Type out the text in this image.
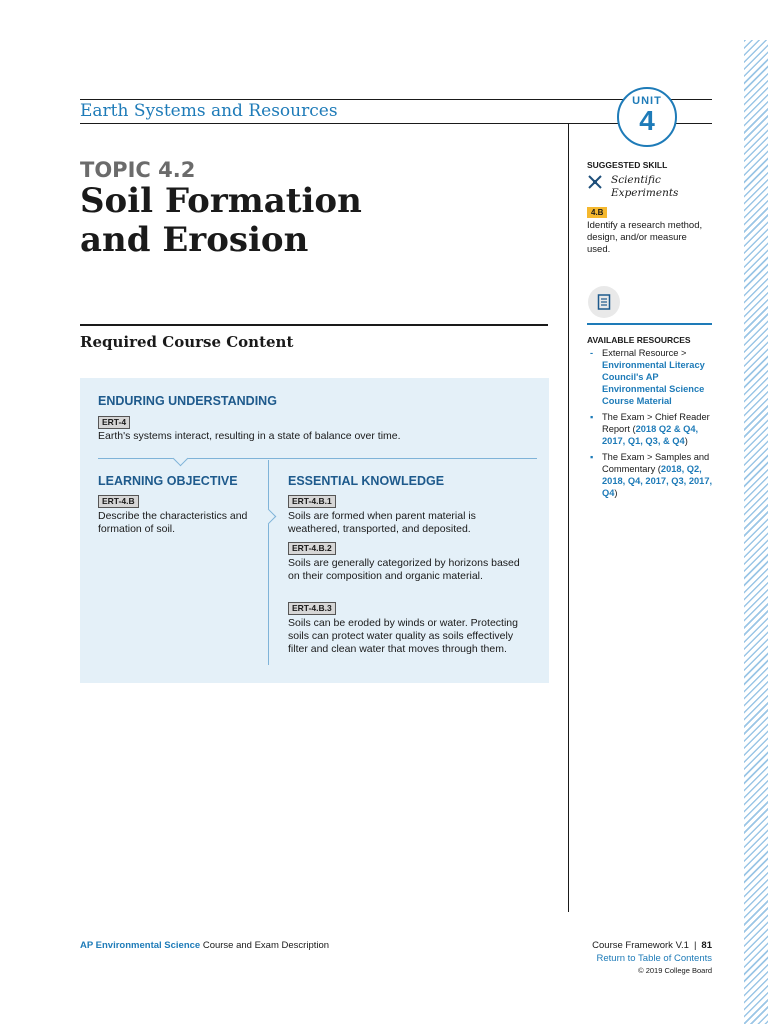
Earth Systems and Resources	UNIT
4
TOPIC 4.2
Soil Formation
and Erosion
Required Course Content
ENDURING UNDERSTANDING
ERT-4
Earth's systems interact, resulting in a state of balance over time.
LEARNING OBJECTIVE
ERT-4.B
Describe the characteristics and formation of soil.
ESSENTIAL KNOWLEDGE
ERT-4.B.1
Soils are formed when parent material is weathered, transported, and deposited.
ERT-4.B.2
Soils are generally categorized by horizons based on their composition and organic material.
ERT-4.B.3
Soils can be eroded by winds or water. Protecting soils can protect water quality as soils effectively filter and clean water that moves through them.
SUGGESTED SKILL
Scientific Experiments
4.B
Identify a research method, design, and/or measure used.
AVAILABLE RESOURCES
- External Resource > Environmental Literacy Council's AP Environmental Science Course Material
▪ The Exam > Chief Reader Report (2018 Q2 & Q4, 2017, Q1, Q3, & Q4)
▪ The Exam > Samples and Commentary (2018, Q2, 2018, Q4, 2017, Q3, 2017, Q4)
AP Environmental Science Course and Exam Description	Course Framework V.1 | 81
Return to Table of Contents
© 2019 College Board
